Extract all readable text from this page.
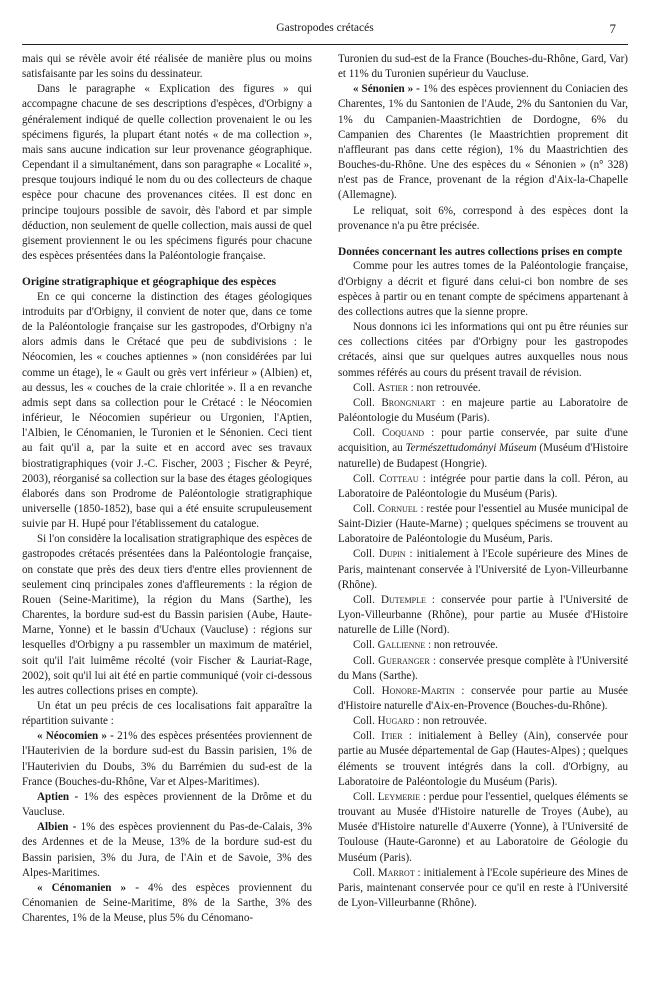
Gastropodes crétacés	7

mais qui se révèle avoir été réalisée de manière plus ou moins satisfaisante par les soins du dessinateur.

Dans le paragraphe « Explication des figures » qui accompagne chacune de ses descriptions d'espèces, d'Orbigny a généralement indiqué de quelle collection provenaient le ou les spécimens figurés, la plupart étant notés « de ma collection », mais sans aucune indication sur leur provenance géographique. Cependant il a simultanément, dans son paragraphe « Localité », presque toujours indiqué le nom du ou des collecteurs de chaque espèce pour chacune des provenances citées. Il est donc en principe toujours possible de savoir, dès l'abord et par simple déduction, non seulement de quelle collection, mais aussi de quel gisement proviennent le ou les spécimens figurés pour chacune des espèces présentées dans la Paléontologie française.

Origine stratigraphique et géographique des espèces

En ce qui concerne la distinction des étages géologiques introduits par d'Orbigny, il convient de noter que, dans ce tome de la Paléontologie française sur les gastropodes, d'Orbigny n'a alors admis dans le Crétacé que peu de subdivisions : le Néocomien, les « couches aptiennes » (non considérées par lui comme un étage), le « Gault ou grès vert inférieur » (Albien) et, au dessus, les « couches de la craie chloritée ». Il a en revanche admis sept dans sa collection pour le Crétacé : le Néocomien inférieur, le Néocomien supérieur ou Urgonien, l'Aptien, l'Albien, le Cénomanien, le Turonien et le Sénonien. Ceci tient au fait qu'il a, par la suite et en accord avec ses travaux biostratigraphiques (voir J.-C. Fischer, 2003 ; Fischer & Peyré, 2003), réorganisé sa collection sur la base des étages géologiques élaborés dans son Prodrome de Paléontologie stratigraphique universelle (1850-1852), base qui a été ensuite scrupuleusement suivie par H. Hupé pour l'établissement du catalogue.

Si l'on considère la localisation stratigraphique des espèces de gastropodes crétacés présentées dans la Paléontologie française, on constate que près des deux tiers d'entre elles proviennent de seulement cinq principales zones d'affleurements : la région de Rouen (Seine-Maritime), la région du Mans (Sarthe), les Charentes, la bordure sud-est du Bassin parisien (Aube, Haute-Marne, Yonne) et le bassin d'Uchaux (Vaucluse) : régions sur lesquelles d'Orbigny a pu rassembler un maximum de matériel, soit qu'il l'ait luimême récolté (voir Fischer & Lauriat-Rage, 2002), soit qu'il lui ait été en partie communiqué (voir ci-dessous les autres collections prises en compte).

Un état un peu précis de ces localisations fait apparaître la répartition suivante :

« Néocomien » - 21% des espèces présentées proviennent de l'Hauterivien de la bordure sud-est du Bassin parisien, 1% de l'Hauterivien du Doubs, 3% du Barrémien du sud-est de la France (Bouches-du-Rhône, Var et Alpes-Maritimes).

Aptien - 1% des espèces proviennent de la Drôme et du Vaucluse.

Albien - 1% des espèces proviennent du Pas-de-Calais, 3% des Ardennes et de la Meuse, 13% de la bordure sud-est du Bassin parisien, 3% du Jura, de l'Ain et de Savoie, 3% des Alpes-Maritimes.

« Cénomanien » - 4% des espèces proviennent du Cénomanien de Seine-Maritime, 8% de la Sarthe, 3% des Charentes, 1% de la Meuse, plus 5% du Cénomano-

Turonien du sud-est de la France (Bouches-du-Rhône, Gard, Var) et 11% du Turonien supérieur du Vaucluse.

« Sénonien » - 1% des espèces proviennent du Coniacien des Charentes, 1% du Santonien de l'Aude, 2% du Santonien du Var, 1% du Campanien-Maastrichtien de Dordogne, 6% du Campanien des Charentes (le Maastrichtien proprement dit n'affleurant pas dans cette région), 1% du Maastrichtien des Bouches-du-Rhône. Une des espèces du « Sénonien » (n° 328) n'est pas de France, provenant de la région d'Aix-la-Chapelle (Allemagne).

Le reliquat, soit 6%, correspond à des espèces dont la provenance n'a pu être précisée.

Données concernant les autres collections prises en compte

Comme pour les autres tomes de la Paléontologie française, d'Orbigny a décrit et figuré dans celui-ci bon nombre de ses espèces à partir ou en tenant compte de spécimens appartenant à des collections autres que la sienne propre.

Nous donnons ici les informations qui ont pu être réunies sur ces collections citées par d'Orbigny pour les gastropodes crétacés, ainsi que sur quelques autres auxquelles nous nous sommes référés au cours du présent travail de révision.

Coll. Astier : non retrouvée.

Coll. Brongniart : en majeure partie au Laboratoire de Paléontologie du Muséum (Paris).

Coll. Coquand : pour partie conservée, par suite d'une acquisition, au Természettudományi Múseum (Muséum d'Histoire naturelle) de Budapest (Hongrie).

Coll. Cotteau : intégrée pour partie dans la coll. Péron, au Laboratoire de Paléontologie du Muséum (Paris).

Coll. Cornuel : restée pour l'essentiel au Musée municipal de Saint-Dizier (Haute-Marne) ; quelques spécimens se trouvent au Laboratoire de Paléontologie du Muséum, Paris.

Coll. Dupin : initialement à l'Ecole supérieure des Mines de Paris, maintenant conservée à l'Université de Lyon-Villeurbanne (Rhône).

Coll. Dutemple : conservée pour partie à l'Université de Lyon-Villeurbanne (Rhône), pour partie au Musée d'Histoire naturelle de Lille (Nord).

Coll. Gallienne : non retrouvée.

Coll. Gueranger : conservée presque complète à l'Université du Mans (Sarthe).

Coll. Honore-Martin : conservée pour partie au Musée d'Histoire naturelle d'Aix-en-Provence (Bouches-du-Rhône).

Coll. Hugard : non retrouvée.

Coll. Itier : initialement à Belley (Ain), conservée pour partie au Musée départemental de Gap (Hautes-Alpes) ; quelques éléments se trouvent intégrés dans la coll. d'Orbigny, au Laboratoire de Paléontologie du Muséum (Paris).

Coll. Leymerie : perdue pour l'essentiel, quelques éléments se trouvant au Musée d'Histoire naturelle de Troyes (Aube), au Musée d'Histoire naturelle d'Auxerre (Yonne), à l'Université de Toulouse (Haute-Garonne) et au Laboratoire de Géologie du Muséum (Paris).

Coll. Marrot : initialement à l'Ecole supérieure des Mines de Paris, maintenant conservée pour ce qu'il en reste à l'Université de Lyon-Villeurbanne (Rhône).
